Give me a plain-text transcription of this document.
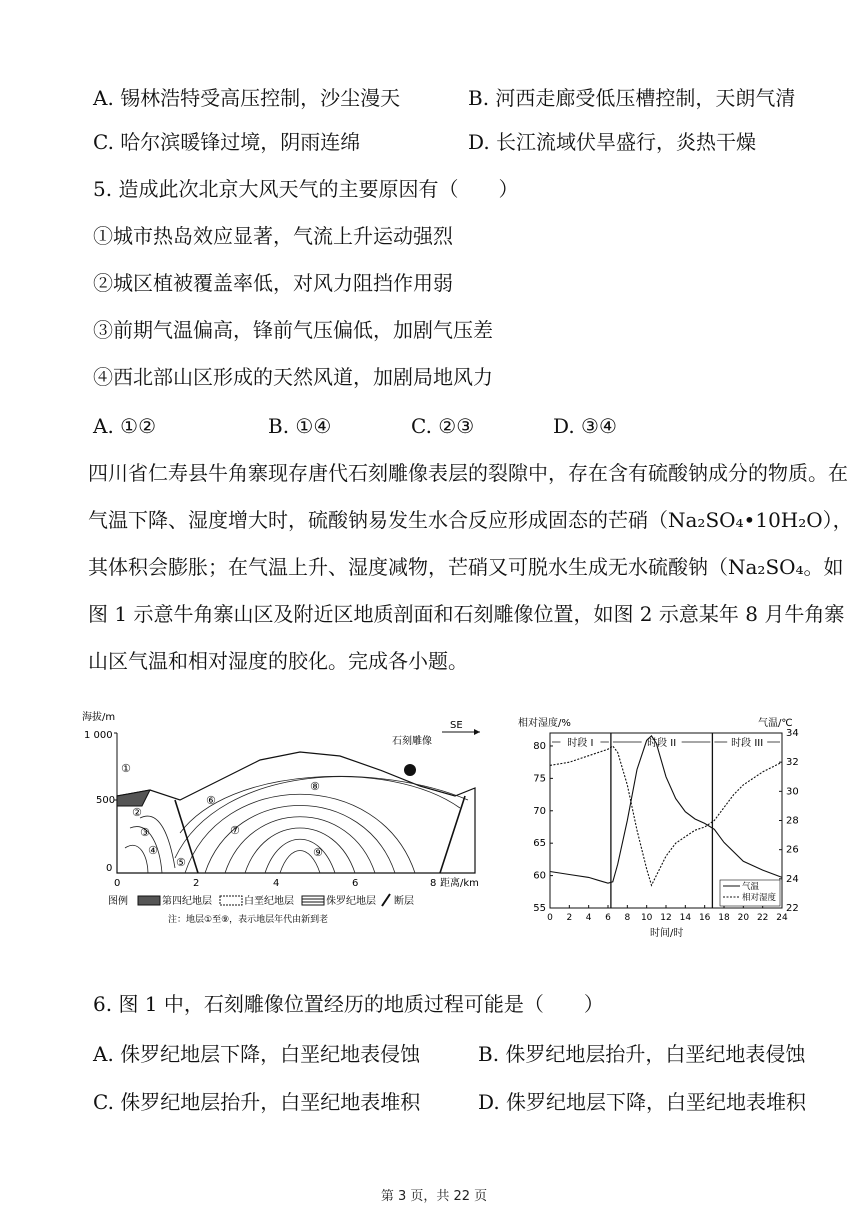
A. 锡林浩特受高压控制，沙尘漫天	B. 河西走廊受低压槽控制，天朗气清
C. 哈尔滨暖锋过境，阴雨连绵	D. 长江流域伏旱盛行，炎热干燥
5. 造成此次北京大风天气的主要原因有（　　）
①城市热岛效应显著，气流上升运动强烈
②城区植被覆盖率低，对风力阻挡作用弱
③前期气温偏高，锋前气压偏低，加剧气压差
④西北部山区形成的天然风道，加剧局地风力
A. ①②	B. ①④	C. ②③	D. ③④
四川省仁寿县牛角寨现存唐代石刻雕像表层的裂隙中，存在含有硫酸钠成分的物质。在气温下降、湿度增大时，硫酸钠易发生水合反应形成固态的芒硝（Na₂SO₄•10H₂O），其体积会膨胀；在气温上升、湿度减物，芒硝又可脱水生成无水硫酸钠（Na₂SO₄。如图 1 示意牛角寨山区及附近区地质剖面和石刻雕像位置，如图 2 示意某年 8 月牛角寨山区气温和相对湿度的胶化。完成各小题。
海拔/m
1 000
500
0
①
②
③
④
⑤
⑥
⑦
⑧
⑨
石刻雕像
SE
0	2	4	6	8 距离/km
图例	第四纪地层	白垩纪地层	侏罗纪地层 断层
注：地层①至⑨，表示地层年代由新到老
相对湿度/%	气温/℃
0 2 4 6 8 10 12 14 16 18 20 22 24
55
60
65
70
75
80
22
24
26
28
30
32
34
时段 I	时段 II	时段 III
气温
相对湿度
时间/时
6. 图 1 中，石刻雕像位置经历的地质过程可能是（　　）
A. 侏罗纪地层下降，白垩纪地表侵蚀	B. 侏罗纪地层抬升，白垩纪地表侵蚀
C. 侏罗纪地层抬升，白垩纪地表堆积	D. 侏罗纪地层下降，白垩纪地表堆积
第 3 页，共 22 页
